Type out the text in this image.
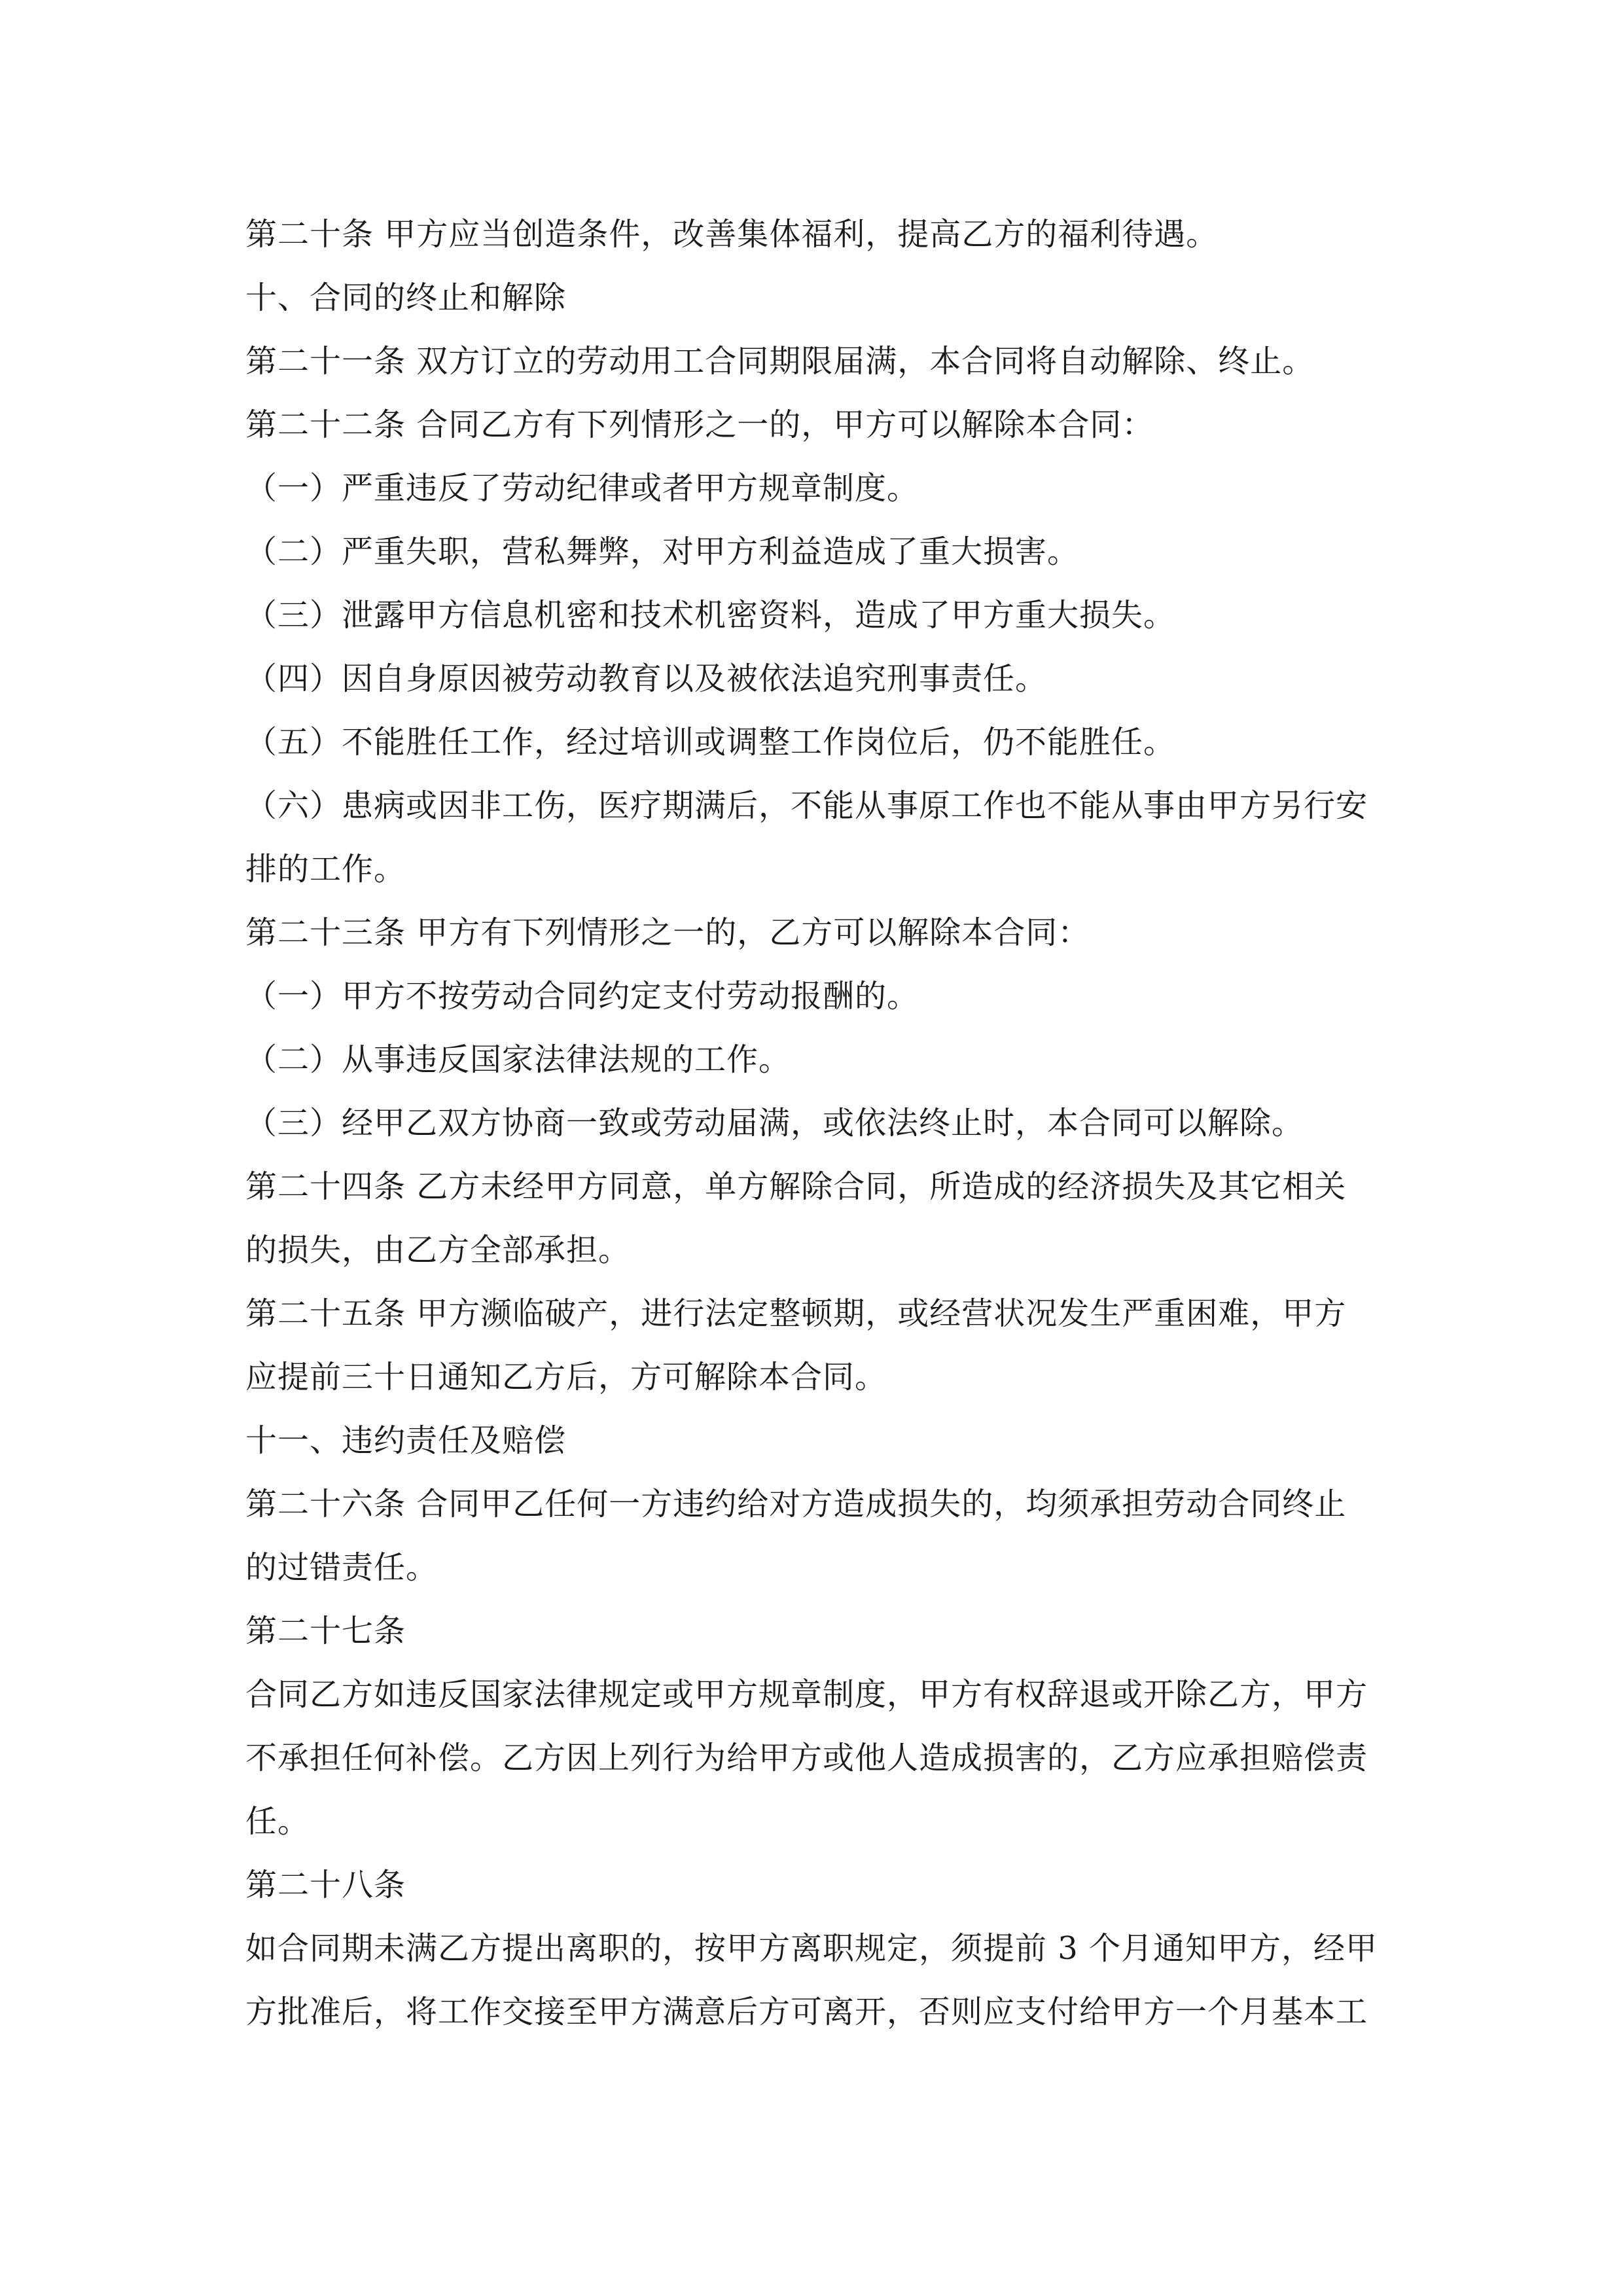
第二十条 甲方应当创造条件，改善集体福利，提高乙方的福利待遇。
十、合同的终止和解除
第二十一条 双方订立的劳动用工合同期限届满，本合同将自动解除、终止。
第二十二条 合同乙方有下列情形之一的，甲方可以解除本合同：
（一）严重违反了劳动纪律或者甲方规章制度。
（二）严重失职，营私舞弊，对甲方利益造成了重大损害。
（三）泄露甲方信息机密和技术机密资料，造成了甲方重大损失。
（四）因自身原因被劳动教育以及被依法追究刑事责任。
（五）不能胜任工作，经过培训或调整工作岗位后，仍不能胜任。
（六）患病或因非工伤，医疗期满后，不能从事原工作也不能从事由甲方另行安
排的工作。
第二十三条 甲方有下列情形之一的，乙方可以解除本合同：
（一）甲方不按劳动合同约定支付劳动报酬的。
（二）从事违反国家法律法规的工作。
（三）经甲乙双方协商一致或劳动届满，或依法终止时，本合同可以解除。
第二十四条 乙方未经甲方同意，单方解除合同，所造成的经济损失及其它相关
的损失，由乙方全部承担。
第二十五条 甲方濒临破产，进行法定整顿期，或经营状况发生严重困难，甲方
应提前三十日通知乙方后，方可解除本合同。
十一、违约责任及赔偿
第二十六条 合同甲乙任何一方违约给对方造成损失的，均须承担劳动合同终止
的过错责任。
第二十七条
合同乙方如违反国家法律规定或甲方规章制度，甲方有权辞退或开除乙方，甲方
不承担任何补偿。乙方因上列行为给甲方或他人造成损害的，乙方应承担赔偿责
任。
第二十八条
如合同期未满乙方提出离职的，按甲方离职规定，须提前 3 个月通知甲方，经甲
方批准后，将工作交接至甲方满意后方可离开，否则应支付给甲方一个月基本工
